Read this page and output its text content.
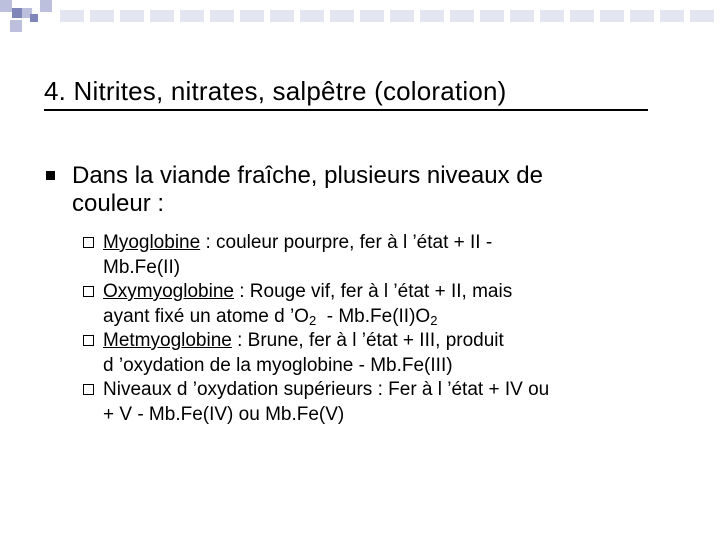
4. Nitrites, nitrates, salpêtre (coloration)
Dans la viande fraîche, plusieurs niveaux de
couleur :
Myoglobine : couleur pourpre, fer à l ’état + II -
Mb.Fe(II)
Oxymyoglobine : Rouge vif, fer à l ’état + II, mais
ayant fixé un atome d $’O_2 - Mb.Fe(II)O_2$
Metmyoglobine : Brune, fer à l ’état + III, produit
d ’oxydation de la myoglobine - Mb.Fe(III)
Niveaux d ’oxydation supérieurs : Fer à l ’état + IV ou
+ V - Mb.Fe(IV) ou Mb.Fe(V)
